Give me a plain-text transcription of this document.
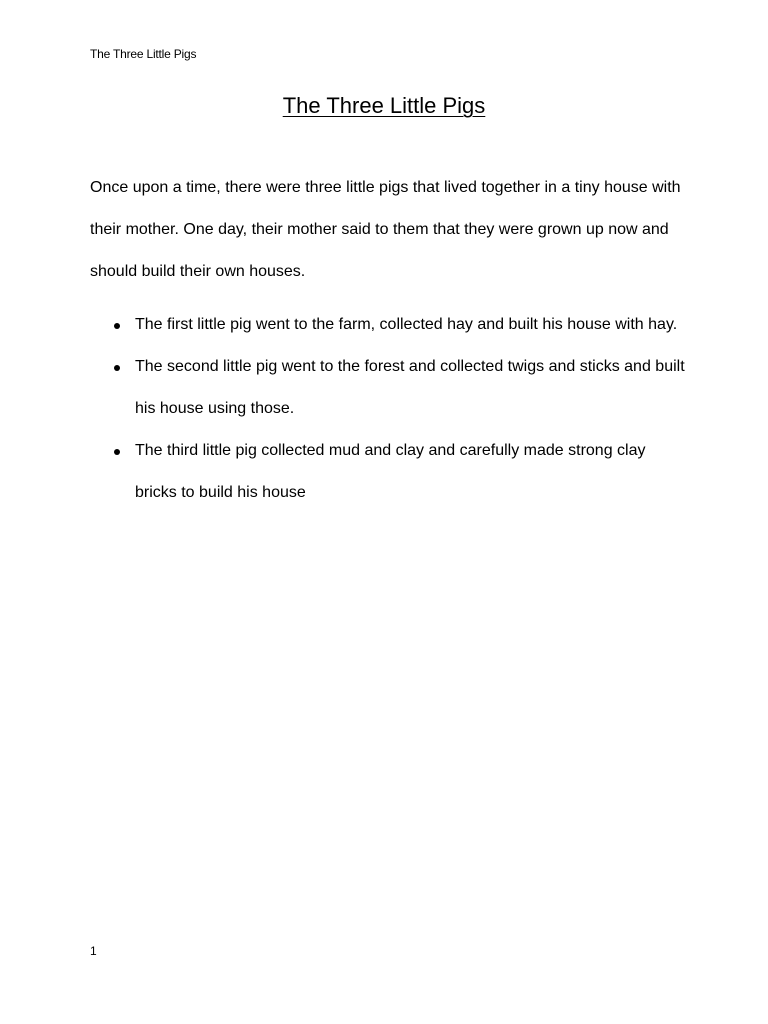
The Three Little Pigs
The Three Little Pigs

Once upon a time, there were three little pigs that lived together in a tiny house with their mother. One day, their mother said to them that they were grown up now and should build their own houses.

The first little pig went to the farm, collected hay and built his house with hay.
The second little pig went to the forest and collected twigs and sticks and built his house using those.
The third little pig collected mud and clay and carefully made strong clay bricks to build his house
1
